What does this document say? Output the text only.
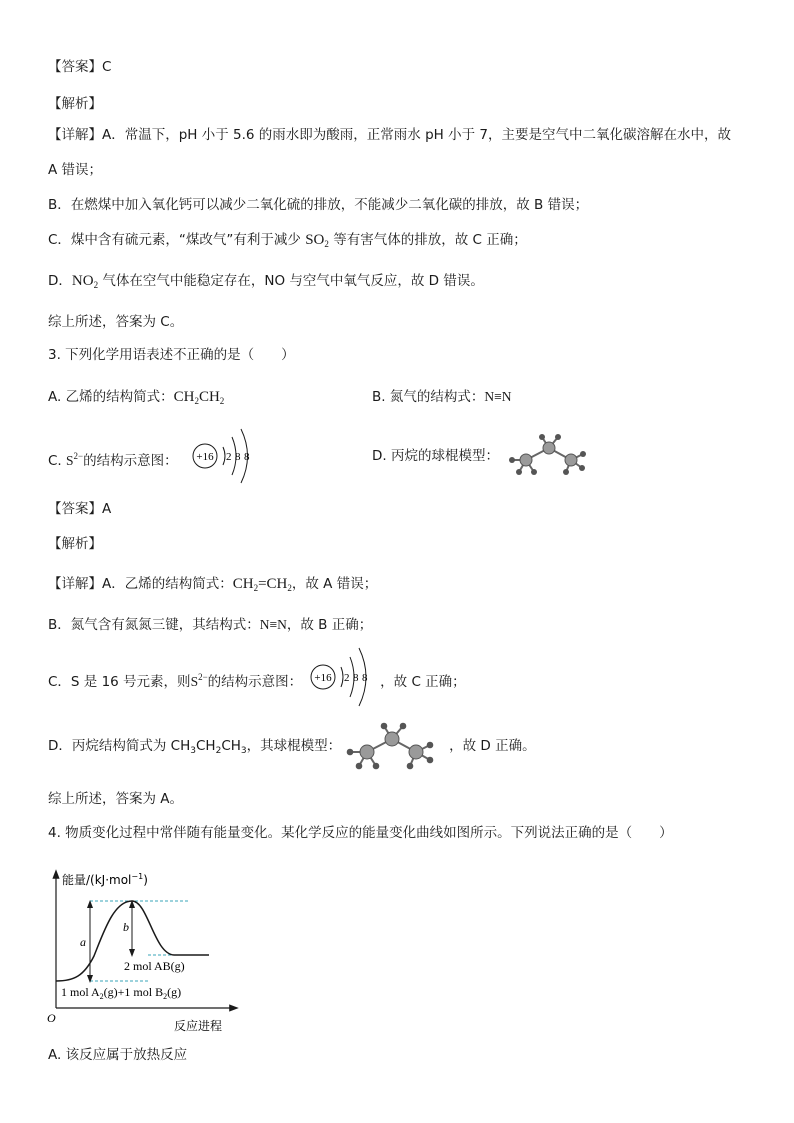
【答案】C
【解析】
【详解】A．常温下，pH 小于 5.6 的雨水即为酸雨，正常雨水 pH 小于 7，主要是空气中二氧化碳溶解在水中，故
A 错误；
B．在燃煤中加入氧化钙可以减少二氧化硫的排放，不能减少二氧化碳的排放，故 B 错误；
C．煤中含有硫元素，“煤改气”有利于减少 $SO_2$ 等有害气体的排放，故 C 正确；
D．$NO_2$ 气体在空气中能稳定存在，NO 与空气中氧气反应，故 D 错误。
综上所述，答案为 C。
3. 下列化学用语表述不正确的是（　　）
A. 乙烯的结构简式：$CH_2CH_2$	B. 氮气的结构式：N≡N
C. $S^{2-}$的结构示意图： +16 2 8 8	D. 丙烷的球棍模型：
【答案】A
【解析】
【详解】A．乙烯的结构简式：$CH_2=CH_2$，故 A 错误；
B．氮气含有氮氮三键，其结构式：N≡N，故 B 正确；
C．S 是 16 号元素，则$S^{2-}$的结构示意图：	，故 C 正确；
+16 2 8 8
D．丙烷结构简式为 $CH_3CH_2CH_3$，其球棍模型：	，故 D 正确。
综上所述，答案为 A。
4. 物质变化过程中常伴随有能量变化。某化学反应的能量变化曲线如图所示。下列说法正确的是（　　）
能量/(kJ·mol$^{-1}$)
反应进程
O
a
b
2 mol AB(g)
1 mol $A_2(g)+1$ mol $B_2(g)$
A. 该反应属于放热反应
